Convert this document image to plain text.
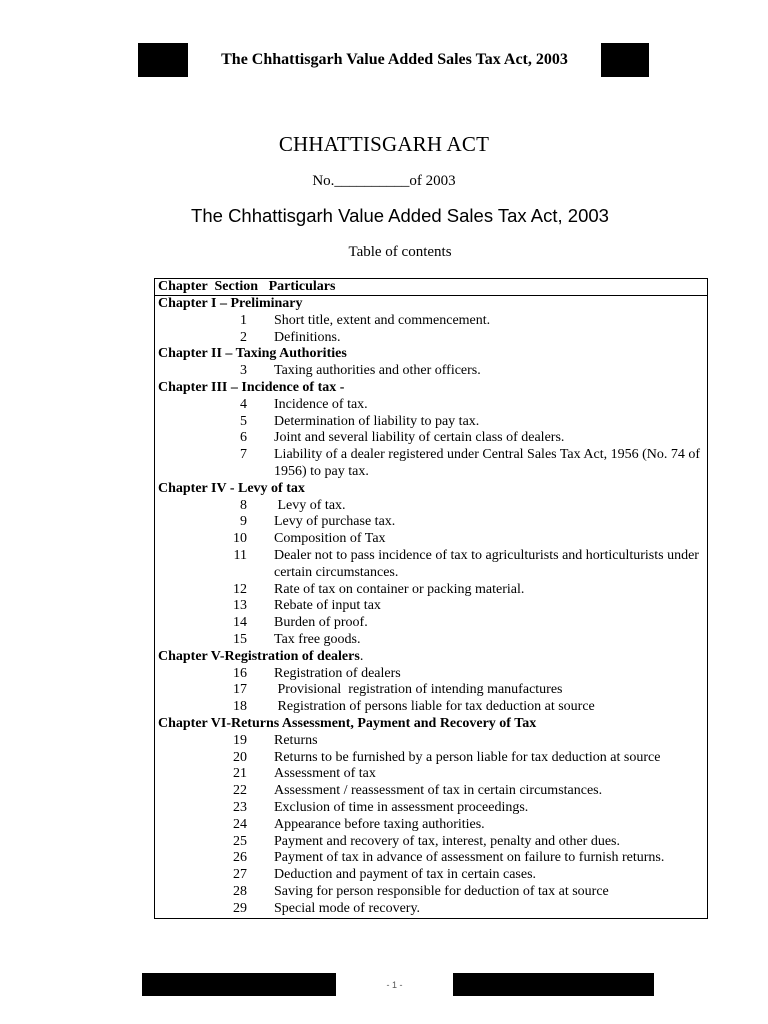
The Chhattisgarh Value Added Sales Tax Act, 2003
CHHATTISGARH ACT
No.__________of 2003
The Chhattisgarh Value Added Sales Tax Act, 2003
Table of contents
Chapter  Section   Particulars
Chapter I – Preliminary
1 Short title, extent and commencement.
2 Definitions.
Chapter II – Taxing Authorities
3 Taxing authorities and other officers.
Chapter III – Incidence of tax -
4 Incidence of tax.
5 Determination of liability to pay tax.
6 Joint and several liability of certain class of dealers.
7 Liability of a dealer registered under Central Sales Tax Act, 1956 (No. 74 of 1956) to pay tax.
Chapter IV - Levy of tax
8 Levy of tax.
9 Levy of purchase tax.
10 Composition of Tax
11 Dealer not to pass incidence of tax to agriculturists and horticulturists under certain circumstances.
12 Rate of tax on container or packing material.
13 Rebate of input tax
14 Burden of proof.
15 Tax free goods.
Chapter V-Registration of dealers.
16 Registration of dealers
17 Provisional  registration of intending manufactures
18 Registration of persons liable for tax deduction at source
Chapter VI-Returns Assessment, Payment and Recovery of Tax
19 Returns
20 Returns to be furnished by a person liable for tax deduction at source
21 Assessment of tax
22 Assessment / reassessment of tax in certain circumstances.
23 Exclusion of time in assessment proceedings.
24 Appearance before taxing authorities.
25 Payment and recovery of tax, interest, penalty and other dues.
26 Payment of tax in advance of assessment on failure to furnish returns.
27 Deduction and payment of tax in certain cases.
28 Saving for person responsible for deduction of tax at source
29 Special mode of recovery.
- 1 -
